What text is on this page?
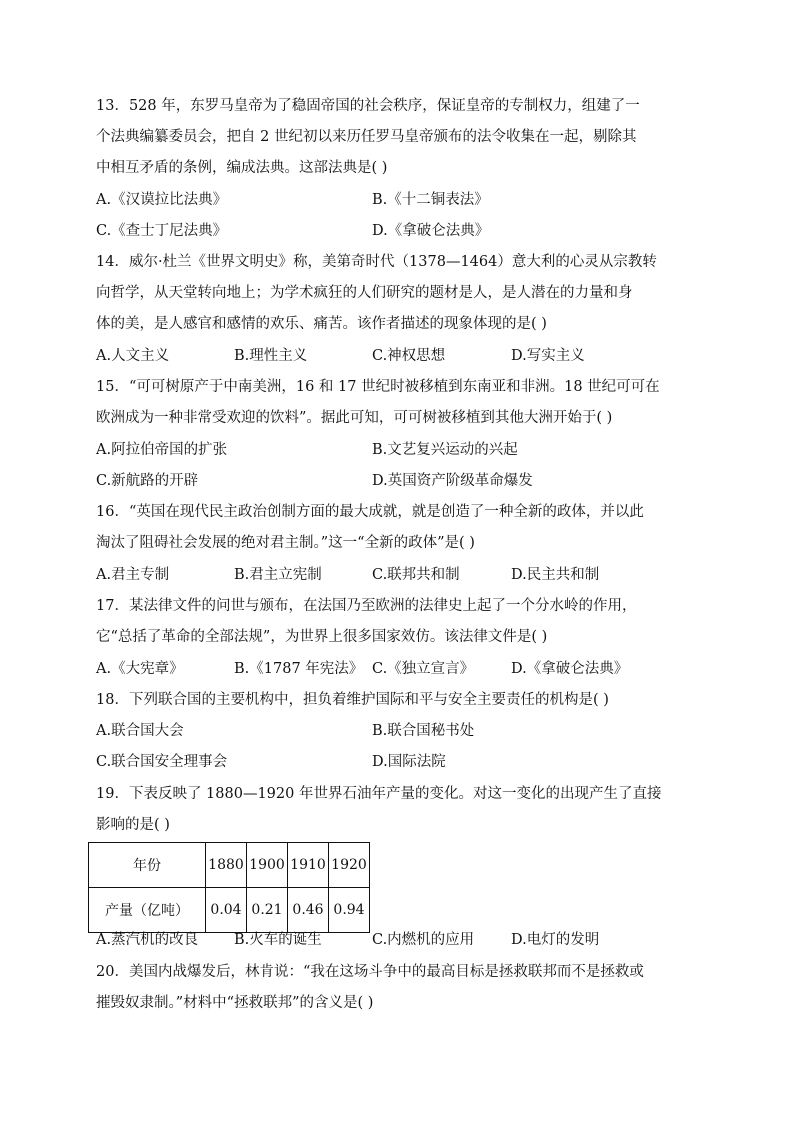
13．528 年，东罗马皇帝为了稳固帝国的社会秩序，保证皇帝的专制权力，组建了一
个法典编纂委员会，把自 2 世纪初以来历任罗马皇帝颁布的法令收集在一起，剔除其
中相互矛盾的条例，编成法典。这部法典是( )
A.《汉谟拉比法典》	B.《十二铜表法》
C.《查士丁尼法典》	D.《拿破仑法典》
14．威尔·杜兰《世界文明史》称，美第奇时代（1378—1464）意大利的心灵从宗教转
向哲学，从天堂转向地上；为学术疯狂的人们研究的题材是人，是人潜在的力量和身
体的美，是人感官和感情的欢乐、痛苦。该作者描述的现象体现的是( )
A.人文主义	B.理性主义	C.神权思想	D.写实主义
15．“可可树原产于中南美洲，16 和 17 世纪时被移植到东南亚和非洲。18 世纪可可在
欧洲成为一种非常受欢迎的饮料”。据此可知，可可树被移植到其他大洲开始于( )
A.阿拉伯帝国的扩张	B.文艺复兴运动的兴起
C.新航路的开辟	D.英国资产阶级革命爆发
16．“英国在现代民主政治创制方面的最大成就，就是创造了一种全新的政体，并以此
淘汰了阻碍社会发展的绝对君主制。”这一“全新的政体”是( )
A.君主专制	B.君主立宪制	C.联邦共和制	D.民主共和制
17．某法律文件的问世与颁布，在法国乃至欧洲的法律史上起了一个分水岭的作用，
它“总括了革命的全部法规”，为世界上很多国家效仿。该法律文件是( )
A.《大宪章》	B.《1787 年宪法》 C.《独立宣言》	D.《拿破仑法典》
18．下列联合国的主要机构中，担负着维护国际和平与安全主要责任的机构是( )
A.联合国大会	B.联合国秘书处
C.联合国安全理事会	D.国际法院
19．下表反映了 1880—1920 年世界石油年产量的变化。对这一变化的出现产生了直接
影响的是( )
年份	1880	1900	1910	1920
产量（亿吨）	0.04	0.21	0.46	0.94
A.蒸汽机的改良 B.火车的诞生	C.内燃机的应用	D.电灯的发明
20．美国内战爆发后，林肯说：“我在这场斗争中的最高目标是拯救联邦而不是拯救或
摧毁奴隶制。”材料中“拯救联邦”的含义是( )
